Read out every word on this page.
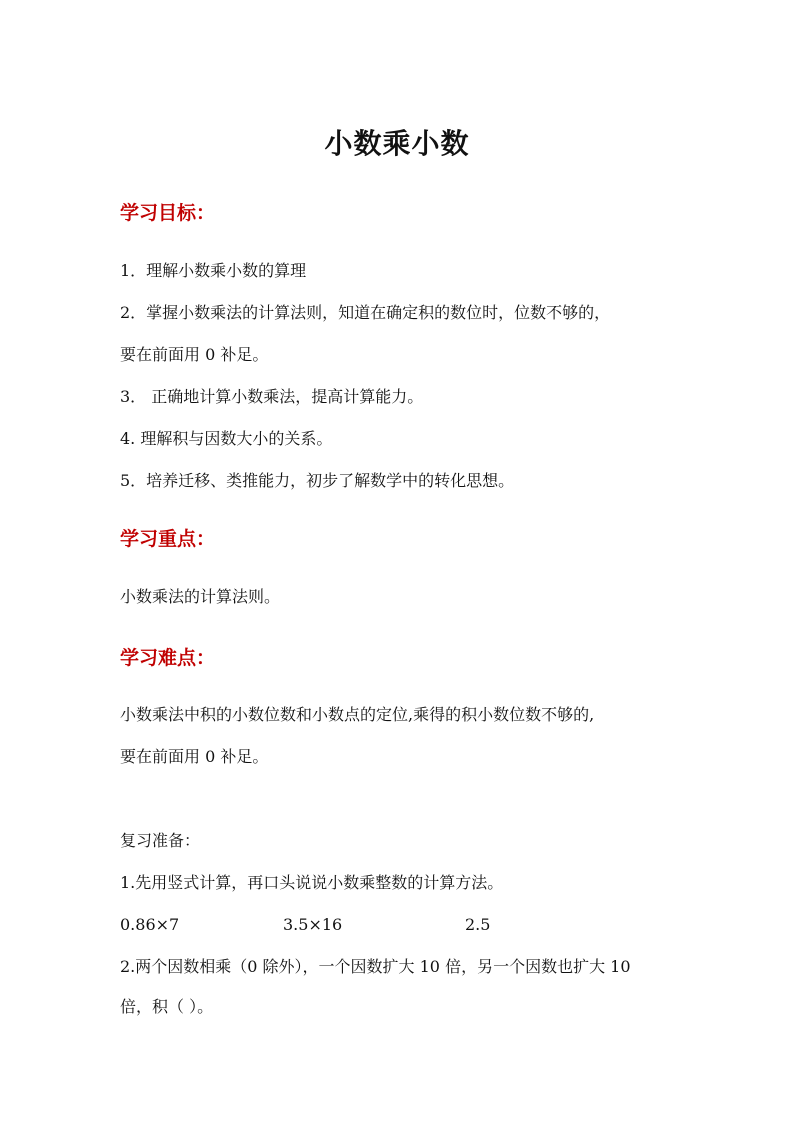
小数乘小数
学习目标：
1．理解小数乘小数的算理
2．掌握小数乘法的计算法则，知道在确定积的数位时，位数不够的，
要在前面用 0 补足。
3． 正确地计算小数乘法，提高计算能力。
4. 理解积与因数大小的关系。
5．培养迁移、类推能力，初步了解数学中的转化思想。
学习重点：
小数乘法的计算法则。
学习难点：
小数乘法中积的小数位数和小数点的定位,乘得的积小数位数不够的,
要在前面用 0 补足。
复习准备：
1.先用竖式计算，再口头说说小数乘整数的计算方法。
0.86×7	3.5×16	2.5
2.两个因数相乘（0 除外），一个因数扩大 10 倍，另一个因数也扩大 10
倍，积（ ）。
